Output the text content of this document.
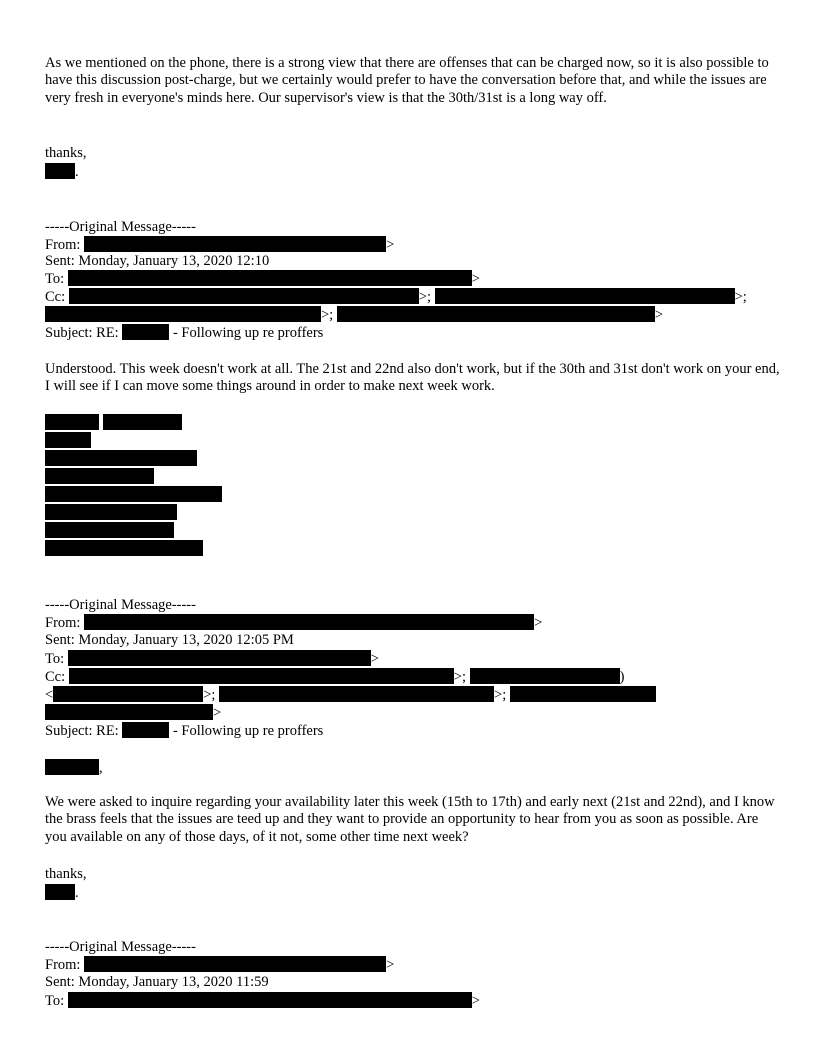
As we mentioned on the phone, there is a strong view that there are offenses that can be charged now, so it is also possible to have this discussion post-charge, but we certainly would prefer to have the conversation before that, and while the issues are very fresh in everyone's minds here. Our supervisor's view is that the 30th/31st is a long way off.

thanks,
.
-----Original Message-----
From:	>
Sent: Monday, January 13, 2020 12:10
To:	>
Cc:	>;	>;
>;	>
Subject: RE:	- Following up re proffers

Understood. This week doesn't work at all. The 21st and 22nd also don't work, but if the 30th and 31st don't work on your end, I will see if I can move some things around in order to make next week work.

-----Original Message-----
From:	>
Sent: Monday, January 13, 2020 12:05 PM
To:	>
Cc:	>;	)
<	>;	>;
>
Subject: RE:	- Following up re proffers
,

We were asked to inquire regarding your availability later this week (15th to 17th) and early next (21st and 22nd), and I know the brass feels that the issues are teed up and they want to provide an opportunity to hear from you as soon as possible. Are you available on any of those days, of it not, some other time next week?

thanks,
.
-----Original Message-----
From:	>
Sent: Monday, January 13, 2020 11:59
To:	>
